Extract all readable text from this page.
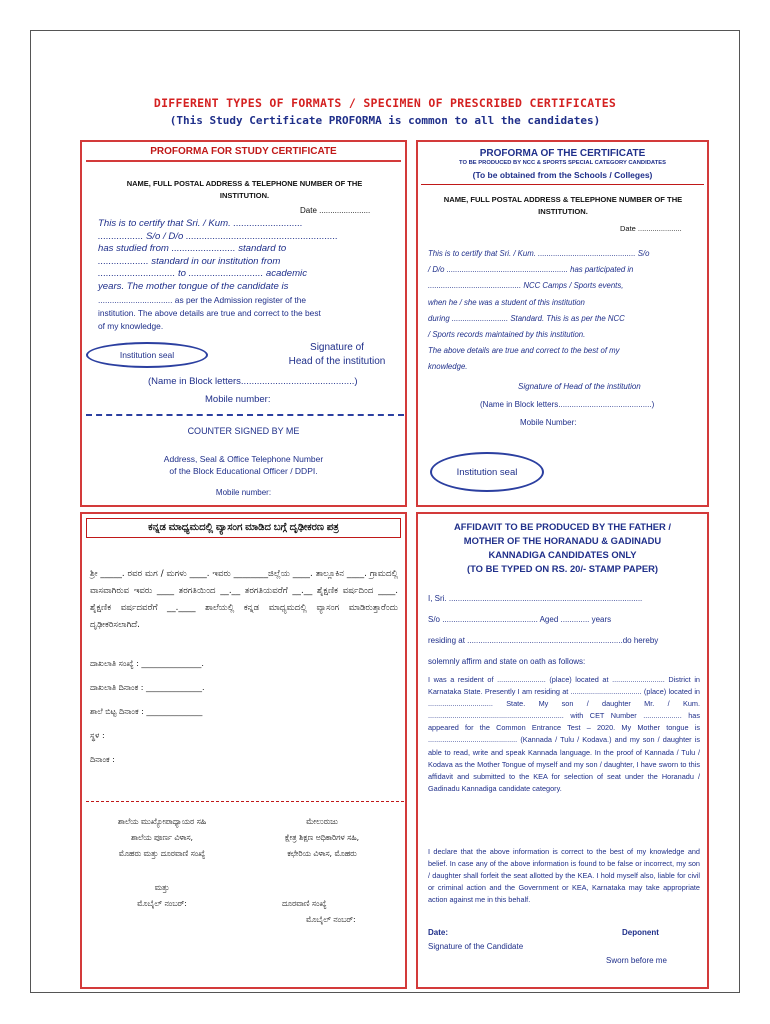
DIFFERENT TYPES OF FORMATS / SPECIMEN OF PRESCRIBED CERTIFICATES
(This Study Certificate PROFORMA is common to all the candidates)
PROFORMA FOR STUDY CERTIFICATE
NAME, FULL POSTAL ADDRESS & TELEPHONE NUMBER OF THE INSTITUTION.
Date .......................
This is to certify that Sri. / Kum. ..........................
................. S/o / D/o .........................................................
has studied from ........................ standard to
................... standard in our institution from
............................. to ............................ academic
years. The mother tongue of the candidate is
................................ as per the Admission register of the
institution. The above details are true and correct to the best
of my knowledge.
Signature of
Head of the institution
Institution seal
(Name in Block letters...........................................)
Mobile number:
COUNTER SIGNED BY ME
Address, Seal & Office Telephone Number
of the Block Educational Officer / DDPI.
Mobile number:
PROFORMA OF THE CERTIFICATE
TO BE PRODUCED BY NCC & SPORTS SPECIAL CATEGORY CANDIDATES
(To be obtained from the Schools / Colleges)
NAME, FULL POSTAL ADDRESS & TELEPHONE NUMBER OF THE INSTITUTION.
Date .....................
This is to certify that Sri. / Kum. ............................................. S/o
/ D/o ........................................................ has participated in
........................................... NCC Camps / Sports events,
when he / she was a student of this institution
during .......................... Standard. This is as per the NCC
/ Sports records maintained by this institution.
The above details are true and correct to the best of my
knowledge.
Signature of Head of the institution
(Name in Block letters..........................................)
Mobile Number:
Institution seal
ಕನ್ನಡ ಮಾಧ್ಯಮದಲ್ಲಿ ವ್ಯಾಸಂಗ ಮಾಡಿದ ಬಗ್ಗೆ ದೃಢೀಕರಣ ಪತ್ರ
ಶ್ರೀ _____. ರವರ ಮಗ / ಮಗಳು ____. ಇವರು ________ಜಿಲ್ಲೆಯ ____. ತಾಲ್ಲೂಕಿನ ____. ಗ್ರಾಮದಲ್ಲಿ ವಾಸವಾಗಿರುವ ಇವರು ____ ತರಗತಿಯಿಂದ __.__ ತರಗತಿಯವರೆಗೆ __.__ ಶೈಕ್ಷಣಿಕ ವರ್ಷದಿಂದ ____. ಶೈಕ್ಷಣಿಕ ವರ್ಷದವರೆಗೆ __.____ ಶಾಲೆಯಲ್ಲಿ ಕನ್ನಡ ಮಾಧ್ಯಮದಲ್ಲಿ ವ್ಯಾಸಂಗ ಮಾಡಿರುತ್ತಾರೆಂದು ದೃಢೀಕರಿಸಲಾಗಿದೆ.
ದಾಖಲಾತಿ ಸಂಖ್ಯೆ : _______________.
ದಾಖಲಾತಿ ದಿನಾಂಕ : ______________.
ಶಾಲೆ ಬಿಟ್ಟ ದಿನಾಂಕ : ______________
ಸ್ಥಳ :
ದಿನಾಂಕ :
ಶಾಲೆಯ ಮುಖ್ಯೋಪಾಧ್ಯಾಯರ ಸಹಿ
ಶಾಲೆಯ ಪೂರ್ಣ ವಿಳಾಸ,
ಮೊಹರು ಮತ್ತು ದೂರವಾಣಿ ಸಂಖ್ಯೆ
ಮೇಲುರುಜು
ಕ್ಷೇತ್ರ ಶಿಕ್ಷಣ ಅಧಿಕಾರಿಗಳ ಸಹಿ,
ಕಛೇರಿಯ ವಿಳಾಸ, ಮೊಹರು
ಮತ್ತು
ಮೊಬೈಲ್ ನಂಬರ್:	ದೂರವಾಣಿ ಸಂಖ್ಯೆ
ಮೊಬೈಲ್ ನಂಬರ್:
AFFIDAVIT TO BE PRODUCED BY THE FATHER /
MOTHER OF THE HORANADU & GADINADU
KANNADIGA CANDIDATES ONLY
(TO BE TYPED ON RS. 20/- STAMP PAPER)
I, Sri. .......................................................................................
S/o ........................................... Aged ............. years
residing at ......................................................................do hereby
solemnly affirm and state on oath as follows:
I was a resident of ........................ (place) located at .......................... District in Karnataka State. Presently I am residing at ................................... (place) located in ................................ State. My son / daughter Mr. / Kum. ................................................................... with CET Number ................... has appeared for the Common Entrance Test – 2020. My Mother tongue is ............................................ (Kannada / Tulu / Kodava.) and my son / daughter is able to read, write and speak Kannada language. In the proof of Kannada / Tulu / Kodava as the Mother Tongue of myself and my son / daughter, I have sworn to this affidavit and submitted to the KEA for selection of seat under the Horanadu / Gadinadu Kannadiga candidate category.
I declare that the above information is correct to the best of my knowledge and belief. In case any of the above information is found to be false or incorrect, my son / daughter shall forfeit the seat allotted by the KEA. I hold myself also, liable for civil or criminal action and the Government or KEA, Karnataka may take appropriate action against me in this behalf.
Date:	Deponent
Signature of the Candidate
Sworn before me
